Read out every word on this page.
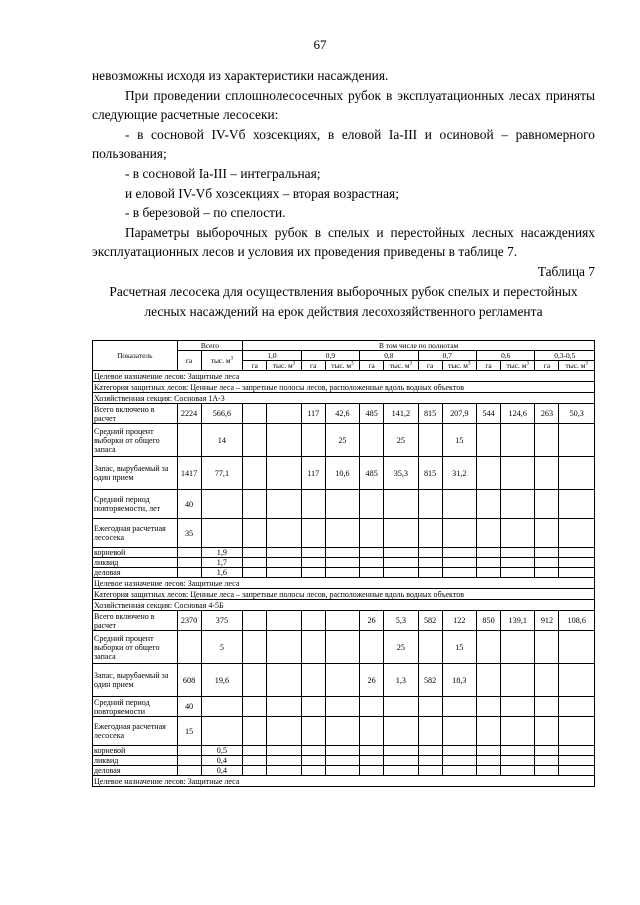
67

невозможны исходя из характеристики насаждения.

При проведении сплошнолесосечных рубок в эксплуатационных лесах приняты следующие расчетные лесосеки:

- в сосновой IV-Vб хозсекциях, в еловой Ia-III и осиновой – равномерного пользования;

- в сосновой Ia-III – интегральная;

и еловой IV-Vб хозсекциях – вторая возрастная;

- в березовой – по спелости.

Параметры выборочных рубок в спелых и перестойных лесных насаждениях эксплуатационных лесов и условия их проведения приведены в таблице 7.

Таблица 7

Расчетная лесосека для осуществления выборочных рубок спелых и перестойных лесных насаждений на ерок действия лесохозяйственного регламента

Показатель	Всего		В том числе по полнотам											
	га	тыс. $м^3$	1,0		0,9		0,8		0,7		0,6		0,3-0,5	
			га	тыс. $м^3$	га	тыс. $м^3$	га	тыс. $м^3$	га	тыс. $м^3$	га	тыс. $м^3$	га	тыс. $м^3$
Целевое назначение лесов: Защитные леса														
Категория защитных лесов: Ценные леса – запретные полосы лесов, расположенные вдоль водных объектов														
Хозяйственная секция: Сосновая 1А-3														
Всего включено в расчет	2224	566,6			117	42,6	485	141,2	815	207,9	544	124,6	263	50,3
Средний процент выборки от общего запаса		14				25		25		15				
Запас, вырубаемый за один прием	1417	77,1			117	10,6	485	35,3	815	31,2				
Средний период повторяемости, лет	40													
Ежегодная расчетная лесосека	35													
корневой		1,9												
ликвид		1,7												
деловая		1,6												
Целевое назначение лесов: Защитные леса														
Категория защитных лесов: Ценные леса – запретные полосы лесов, расположенные вдоль водных объектов														
Хозяйственная секция: Сосновая 4-5Б														
Всего включено в расчет	2370	375					26	5,3	582	122	850	139,1	912	108,6
Средний процент выборки от общего запаса		5						25		15				
Запас, вырубаемый за один прием	608	19,6					26	1,3	582	18,3				
Средний период повторяемости	40													
Ежегодная расчетная лесосека	15													
корневой		0,5												
ликвид		0,4												
деловая		0,4												
Целевое назначение лесов: Защитные леса														
